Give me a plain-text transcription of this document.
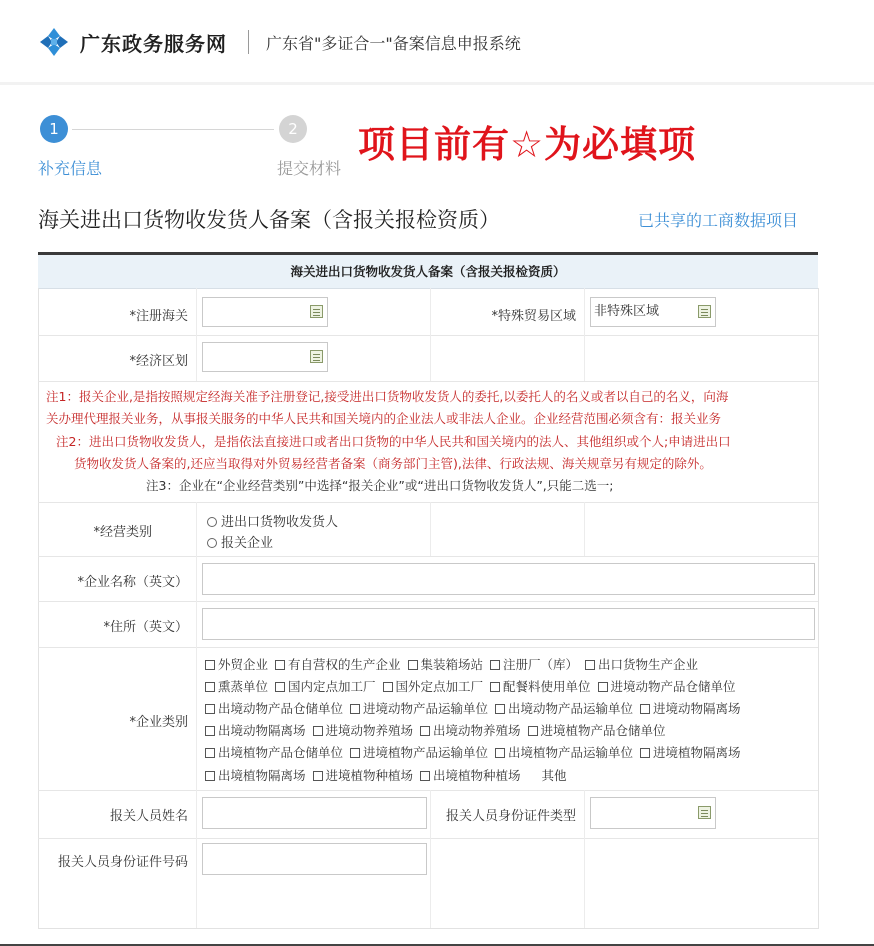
广东政务服务网 广东省"多证合一"备案信息申报系统
1	2
补充信息	提交材料
项目前有☆为必填项
海关进出口货物收发货人备案（含报关报检资质）	已共享的工商数据项目
海关进出口货物收发货人备案（含报关报检资质）
*注册海关	*特殊贸易区域	非特殊区域
*经济区划
注1：报关企业,是指按照规定经海关准予注册登记,接受进出口货物收发货人的委托,以委托人的名义或者以自己的名义，向海
关办理代理报关业务，从事报关服务的中华人民共和国关境内的企业法人或非法人企业。企业经营范围必须含有：报关业务
注2：进出口货物收发货人，是指依法直接进口或者出口货物的中华人民共和国关境内的法人、其他组织或个人;申请进出口
货物收发货人备案的,还应当取得对外贸易经营者备案（商务部门主管),法律、行政法规、海关规章另有规定的除外。
注3：企业在“企业经营类别”中选择“报关企业”或“进出口货物收发货人”,只能二选一;
*经营类别
进出口货物收发货人
报关企业
*企业名称（英文）
*住所（英文）
*企业类别
外贸企业 有自营权的生产企业 集装箱场站 注册厂（库） 出口货物生产企业
熏蒸单位 国内定点加工厂 国外定点加工厂 配餐料使用单位 进境动物产品仓储单位
出境动物产品仓储单位 进境动物产品运输单位 出境动物产品运输单位 进境动物隔离场
出境动物隔离场 进境动物养殖场 出境动物养殖场 进境植物产品仓储单位
出境植物产品仓储单位 进境植物产品运输单位 出境植物产品运输单位 进境植物隔离场
出境植物隔离场 进境植物种植场 出境植物种植场 其他
报关人员姓名	报关人员身份证件类型
报关人员身份证件号码
